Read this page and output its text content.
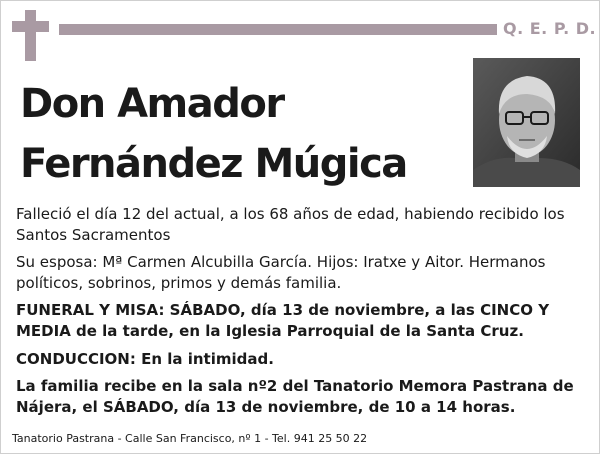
Q. E. P. D.
Don Amador
Fernández Múgica
Falleció el día 12 del actual, a los 68 años de edad, habiendo recibido los Santos Sacramentos
Su esposa: Mª Carmen Alcubilla García. Hijos: Iratxe y Aitor. Hermanos políticos, sobrinos, primos y demás familia.
FUNERAL Y MISA: SÁBADO, día 13 de noviembre, a las CINCO Y MEDIA de la tarde, en la Iglesia Parroquial de la Santa Cruz.
CONDUCCION: En la intimidad.
La familia recibe en la sala nº2 del Tanatorio Memora Pastrana de Nájera, el SÁBADO, día 13 de noviembre, de 10 a 14 horas.
Tanatorio Pastrana - Calle San Francisco, nº 1 - Tel. 941 25 50 22
